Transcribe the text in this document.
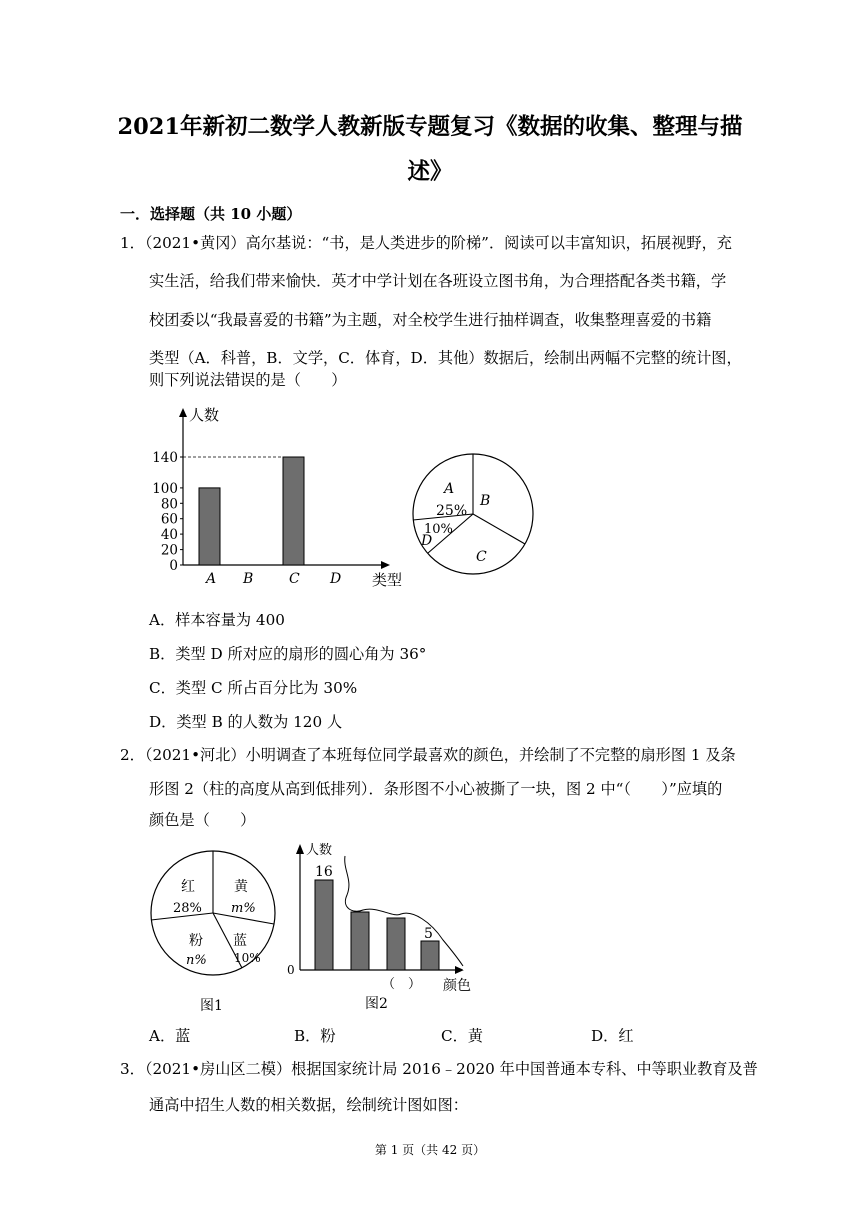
2021年新初二数学人教新版专题复习《数据的收集、整理与描
述》
一．选择题（共 10 小题）
1．（2021•黄冈）高尔基说：“书，是人类进步的阶梯”．阅读可以丰富知识，拓展视野，充
实生活，给我们带来愉快．英才中学计划在各班设立图书角，为合理搭配各类书籍，学
校团委以“我最喜爱的书籍”为主题，对全校学生进行抽样调查，收集整理喜爱的书籍
类型（A．科普，B．文学，C．体育，D．其他）数据后，绘制出两幅不完整的统计图，
则下列说法错误的是（　　）
人数
类型
0
20
40
60
80
100
140
A B	C D
A
25%
B
C
10%
D
A．样本容量为 400
B．类型 D 所对应的扇形的圆心角为 36°
C．类型 C 所占百分比为 30%
D．类型 B 的人数为 120 人
2．（2021•河北）小明调查了本班每位同学最喜欢的颜色，并绘制了不完整的扇形图 1 及条
形图 2（柱的高度从高到低排列）．条形图不小心被撕了一块，图 2 中“（　　）”应填的
颜色是（　　）
红
28%
黄
m%
粉
n%
蓝
10%
图1
人数
0
16
5
（　） 颜色
图2
A．蓝	B．粉	C．黄	D．红
3．（2021•房山区二模）根据国家统计局 2016﹣2020 年中国普通本专科、中等职业教育及普
通高中招生人数的相关数据，绘制统计图如图：
第 1 页（共 42 页）
